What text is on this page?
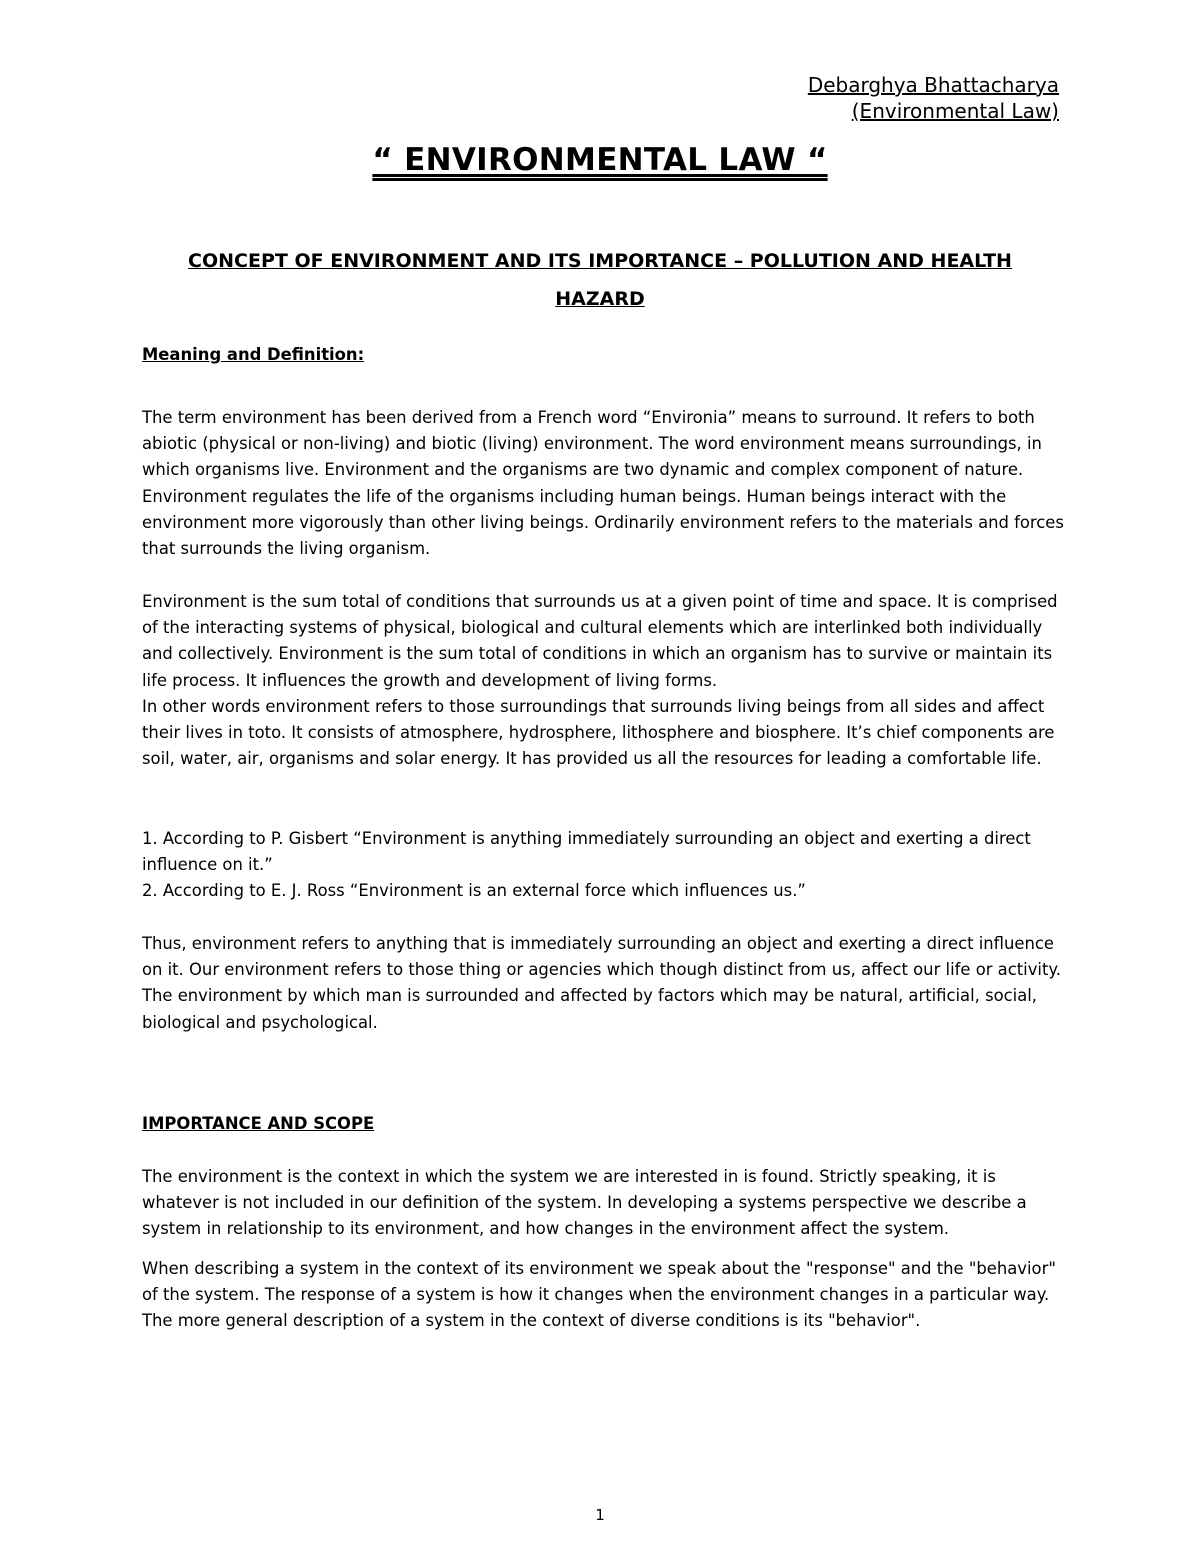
Debarghya Bhattacharya
(Environmental Law)
“ ENVIRONMENTAL LAW “
CONCEPT OF ENVIRONMENT AND ITS IMPORTANCE – POLLUTION AND HEALTH
HAZARD
Meaning and Definition:

The term environment has been derived from a French word “Environia” means to surround. It refers to both abiotic (physical or non-living) and biotic (living) environment. The word environment means surroundings, in which organisms live. Environment and the organisms are two dynamic and complex component of nature. Environment regulates the life of the organisms including human beings. Human beings interact with the environment more vigorously than other living beings. Ordinarily environment refers to the materials and forces that surrounds the living organism.

Environment is the sum total of conditions that surrounds us at a given point of time and space. It is comprised of the interacting systems of physical, biological and cultural elements which are interlinked both individually and collectively. Environment is the sum total of conditions in which an organism has to survive or maintain its life process. It influences the growth and development of living forms.

In other words environment refers to those surroundings that surrounds living beings from all sides and affect their lives in toto. It consists of atmosphere, hydrosphere, lithosphere and biosphere. It’s chief components are soil, water, air, organisms and solar energy. It has provided us all the resources for leading a comfortable life.

1. According to P. Gisbert “Environment is anything immediately surrounding an object and exerting a direct influence on it.”

2. According to E. J. Ross “Environment is an external force which influences us.”

Thus, environment refers to anything that is immediately surrounding an object and exerting a direct influence on it. Our environment refers to those thing or agencies which though distinct from us, affect our life or activity. The environment by which man is surrounded and affected by factors which may be natural, artificial, social, biological and psychological.

IMPORTANCE AND SCOPE

The environment is the context in which the system we are interested in is found. Strictly speaking, it is whatever is not included in our definition of the system. In developing a systems perspective we describe a system in relationship to its environment, and how changes in the environment affect the system.

When describing a system in the context of its environment we speak about the "response" and the "behavior" of the system. The response of a system is how it changes when the environment changes in a particular way. The more general description of a system in the context of diverse conditions is its "behavior".

1
